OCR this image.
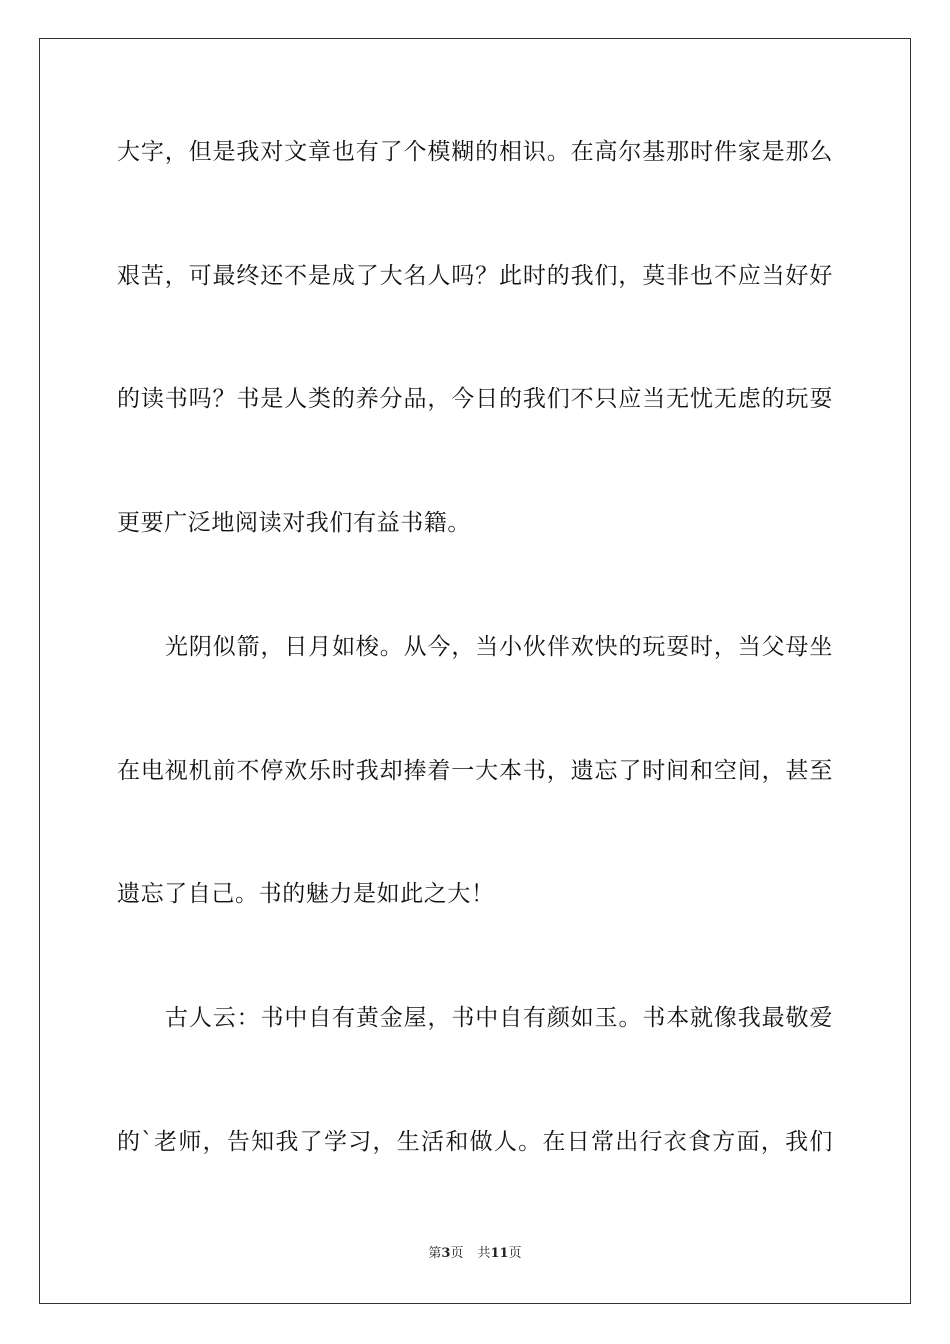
大字，但是我对文章也有了个模糊的相识。在高尔基那时件家是那么
艰苦，可最终还不是成了大名人吗？此时的我们，莫非也不应当好好
的读书吗？书是人类的养分品，今日的我们不只应当无忧无虑的玩耍
更要广泛地阅读对我们有益书籍。
光阴似箭，日月如梭。从今，当小伙伴欢快的玩耍时，当父母坐
在电视机前不停欢乐时我却捧着一大本书，遗忘了时间和空间，甚至
遗忘了自己。书的魅力是如此之大！
古人云：书中自有黄金屋，书中自有颜如玉。书本就像我最敬爱
的`老师，告知我了学习，生活和做人。在日常出行衣食方面，我们
第3页 共11页
